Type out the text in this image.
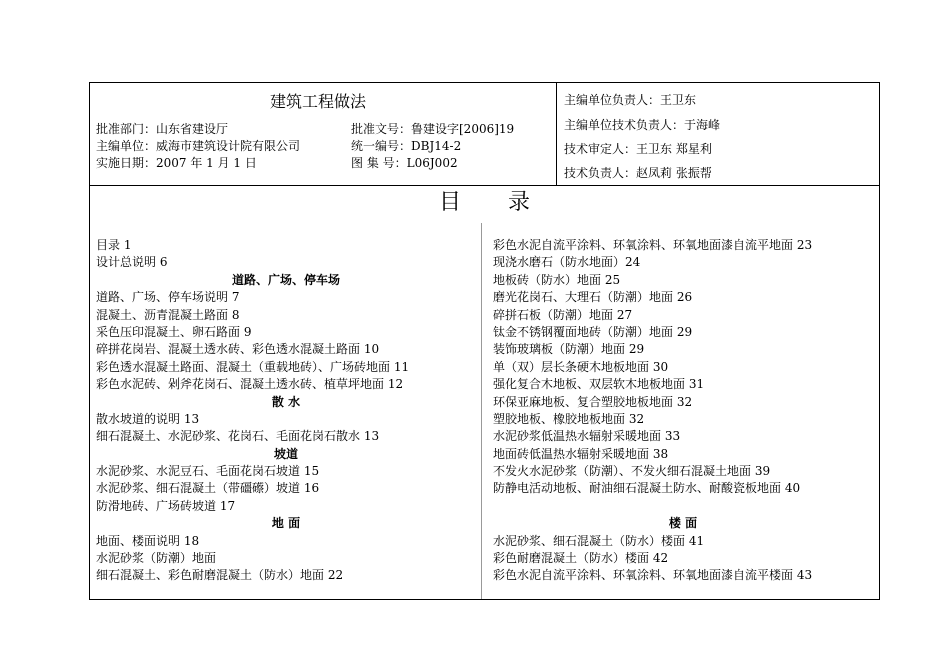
建筑工程做法
批准部门：山东省建设厅
主编单位：威海市建筑设计院有限公司
实施日期：2007 年 1 月 1 日
批准文号：鲁建设字[2006]19
统一编号：DBJ14-2
图 集 号：L06J002
主编单位负责人：王卫东
主编单位技术负责人：于海峰
技术审定人：王卫东 郑星利
技术负责人：赵凤莉 张振帮
目 录
目录 1
设计总说明 6
道路、广场、停车场
道路、广场、停车场说明 7
混凝土、沥青混凝土路面 8
采色压印混凝土、卵石路面 9
碎拼花岗岩、混凝土透水砖、彩色透水混凝土路面 10
彩色透水混凝土路面、混凝土（重载地砖）、广场砖地面 11
彩色水泥砖、剁斧花岗石、混凝土透水砖、植草坪地面 12
散 水
散水坡道的说明 13
细石混凝土、水泥砂浆、花岗石、毛面花岗石散水 13
坡道
水泥砂浆、水泥豆石、毛面花岗石坡道 15
水泥砂浆、细石混凝土（带礓礤）坡道 16
防滑地砖、广场砖坡道 17
地 面
地面、楼面说明 18
水泥砂浆（防潮）地面
细石混凝土、彩色耐磨混凝土（防水）地面 22
彩色水泥自流平涂料、环氧涂料、环氧地面漆自流平地面 23
现浇水磨石（防水地面）24
地板砖（防水）地面 25
磨光花岗石、大理石（防潮）地面 26
碎拼石板（防潮）地面 27
钛金不锈钢覆面地砖（防潮）地面 29
装饰玻璃板（防潮）地面 29
单（双）层长条硬木地板地面 30
强化复合木地板、双层软木地板地面 31
环保亚麻地板、复合塑胶地板地面 32
塑胶地板、橡胶地板地面 32
水泥砂浆低温热水辐射采暖地面 33
地面砖低温热水辐射采暖地面 38
不发火水泥砂浆（防潮）、不发火细石混凝土地面 39
防静电活动地板、耐油细石混凝土防水、耐酸瓷板地面 40
楼 面
水泥砂浆、细石混凝土（防水）楼面 41
彩色耐磨混凝土（防水）楼面 42
彩色水泥自流平涂料、环氧涂料、环氧地面漆自流平楼面 43
